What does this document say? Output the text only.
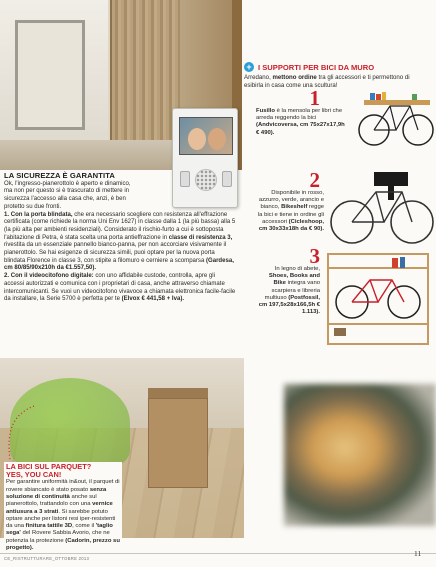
LA SICUREZZA È GARANTITA
Ok, l'ingresso-pianerottolo è aperto e dinamico, ma non per questo si è trascurato di mettere in sicurezza l'accesso alla casa che, anzi, è ben protetto su due fronti.
1. Con la porta blindata, che era necessario scegliere con resistenza all'effrazione certificata (come richiede la norma Uni Env 1627) in classe dalla 1 (la più bassa) alla 5 (la più alta per ambienti residenziali). Considerato il rischio-furto a cui è sottoposta l'abitazione di Petra, è stata scelta una porta antieffrazione in classe di resistenza 3, rivestita da un essenziale pannello bianco-panna, per non accorciare visivamente il pianerottolo. Se hai esigenze di sicurezza simili, puoi optare per la nuova porta blindata Florence in classe 3, con stipite a filomuro e cerniere a scomparsa (Gardesa, cm 80/85/90x210h da €1.557,50).
2. Con il videocitofono digitale: con uno affidabile custode, controlla, apre gli accessi autorizzati e comunica con i proprietari di casa, anche attraverso chiamate intercomunicanti. Se vuoi un videocitofono vivavoce a chiamata elettronica facile-facile da installare, la Serie 5700 è perfetta per te (Elvox € 441,58 + Iva).
LA BICI SUL PARQUET?
YES, YOU CAN!
Per garantire uniformità in&out, il parquet di rovere sbiancato è stato posato senza soluzione di continuità anche sul pianerottolo, trattandolo con una vernice antiusura a 3 strati. Si sarebbe potuto optare anche per listoni resi iper-resistenti da una finitura tattile 3D, come il 'taglio sega' del Rovere Sabbia Avorio, che ne potenzia la protezione (Cadorin, prezzo su progetto).
+ I SUPPORTI PER BICI DA MURO
Arredano, mettono ordine tra gli accessori e ti permettono di esibirla in casa come una scultura!
1
Fusillo è la mensola per libri che arreda reggendo la bici (Andvicoversa, cm 75x27x17,9h € 490).
2
Disponibile in rosso, azzurro, verde, arancio e bianco, Bikeshelf regge la bici e tiene in ordine gli accessori (Cicleshoop, cm 30x33x18h da € 90).
3
In legno di abete, Shoes, Books and Bike integra vano scarpiera e libreria multiuso (Postfossil, cm 197,5x28x166,5h € 1.113).
CE_RISTRUTTURARE_OTTOBRE 2013
11
